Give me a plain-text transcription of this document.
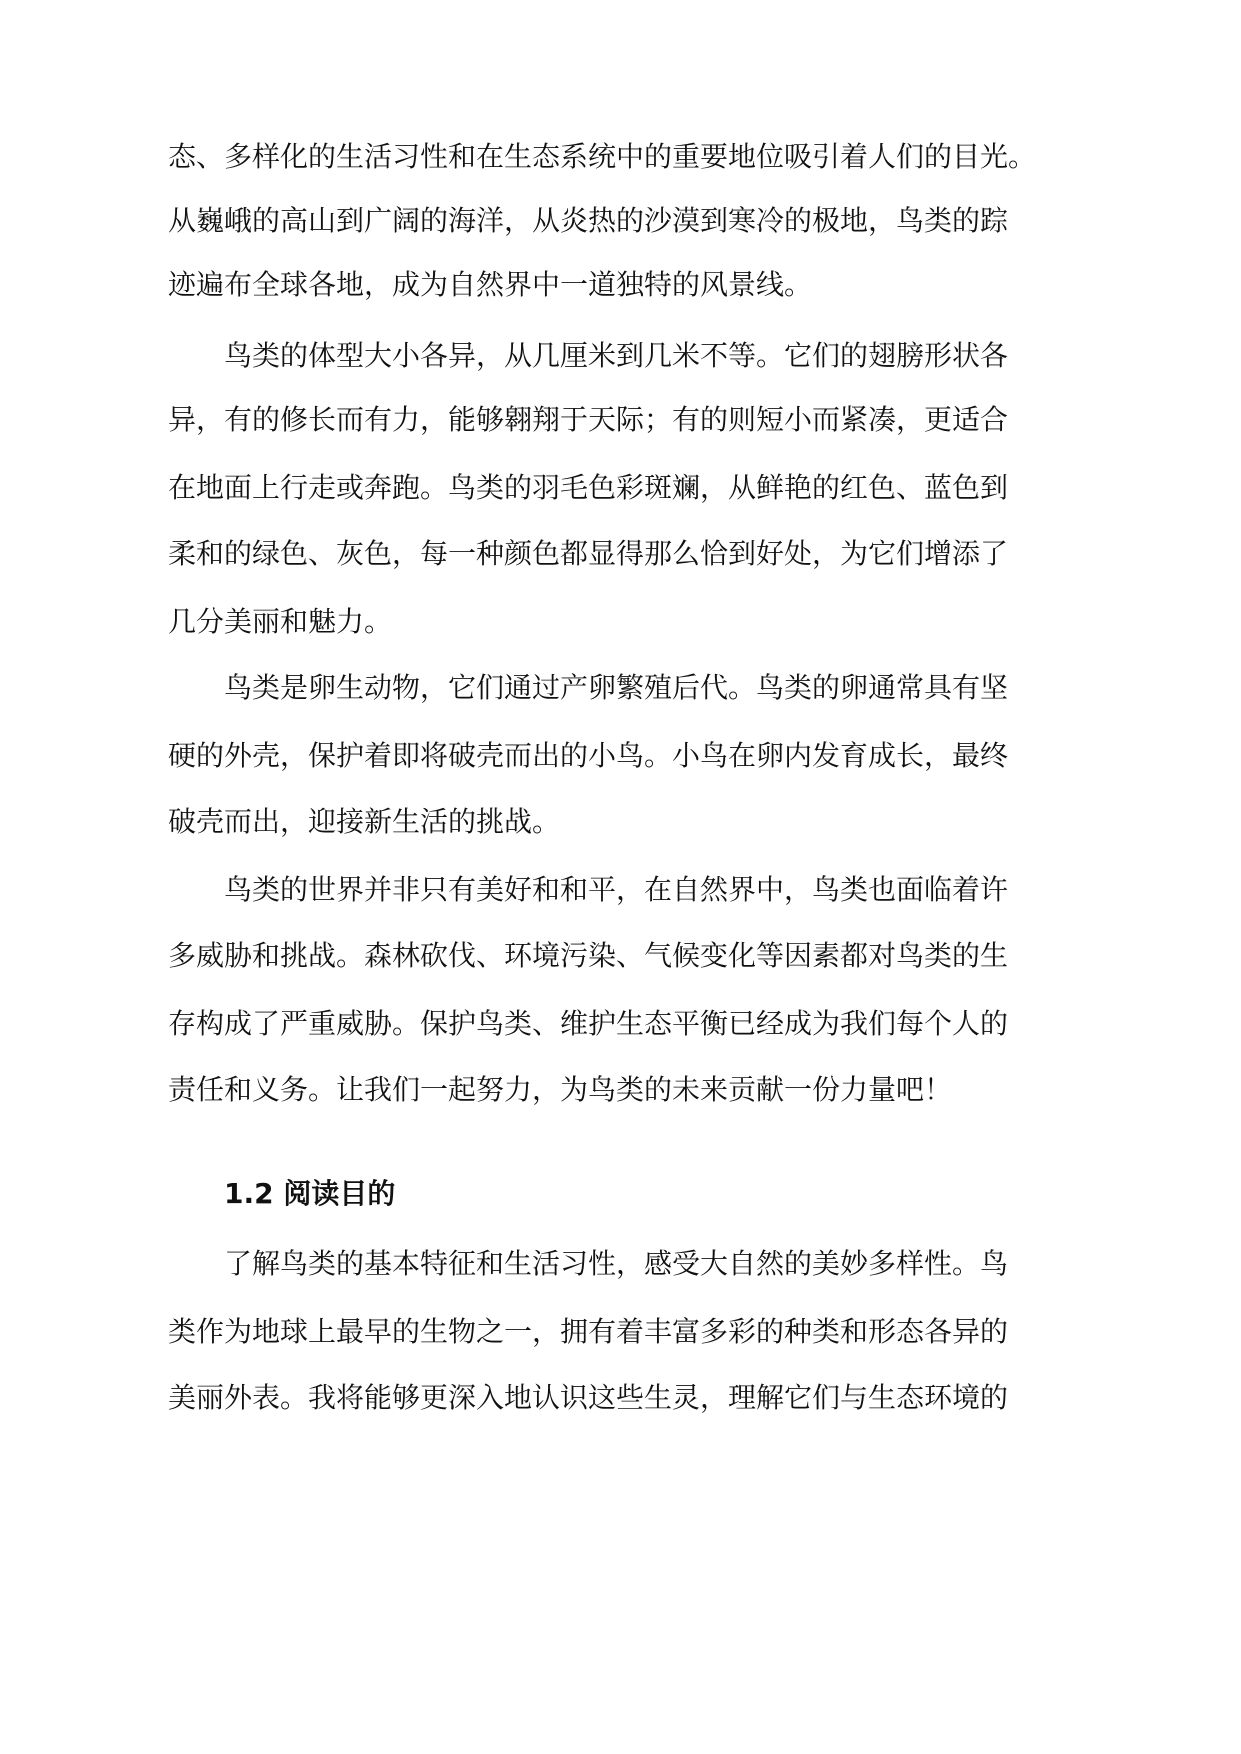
态、多样化的生活习性和在生态系统中的重要地位吸引着人们的目光。
从巍峨的高山到广阔的海洋，从炎热的沙漠到寒冷的极地，鸟类的踪
迹遍布全球各地，成为自然界中一道独特的风景线。
鸟类的体型大小各异，从几厘米到几米不等。它们的翅膀形状各
异，有的修长而有力，能够翱翔于天际；有的则短小而紧凑，更适合
在地面上行走或奔跑。鸟类的羽毛色彩斑斓，从鲜艳的红色、蓝色到
柔和的绿色、灰色，每一种颜色都显得那么恰到好处，为它们增添了
几分美丽和魅力。
鸟类是卵生动物，它们通过产卵繁殖后代。鸟类的卵通常具有坚
硬的外壳，保护着即将破壳而出的小鸟。小鸟在卵内发育成长，最终
破壳而出，迎接新生活的挑战。
鸟类的世界并非只有美好和和平，在自然界中，鸟类也面临着许
多威胁和挑战。森林砍伐、环境污染、气候变化等因素都对鸟类的生
存构成了严重威胁。保护鸟类、维护生态平衡已经成为我们每个人的
责任和义务。让我们一起努力，为鸟类的未来贡献一份力量吧！
1.2 阅读目的
了解鸟类的基本特征和生活习性，感受大自然的美妙多样性。鸟
类作为地球上最早的生物之一，拥有着丰富多彩的种类和形态各异的
美丽外表。我将能够更深入地认识这些生灵，理解它们与生态环境的
